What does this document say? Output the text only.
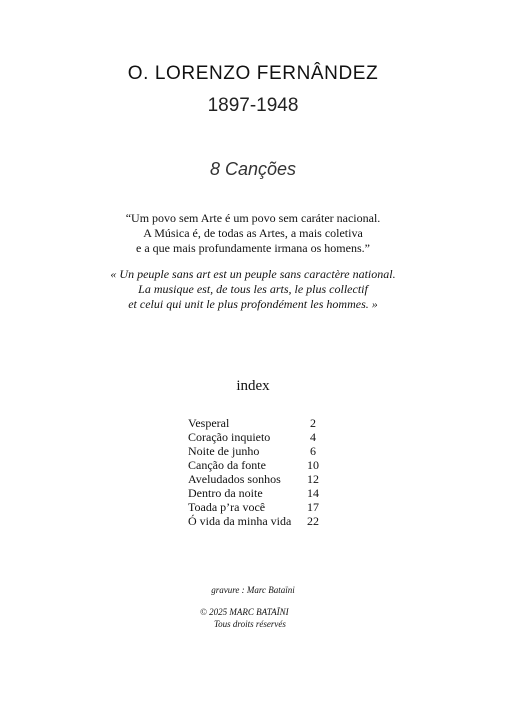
O. LORENZO FERNÂNDEZ
1897-1948
8 Canções
“Um povo sem Arte é um povo sem caráter nacional.
A Música é, de todas as Artes, a mais coletiva
e a que mais profundamente irmana os homens.”
« Un peuple sans art est un peuple sans caractère national.
La musique est, de tous les arts, le plus collectif
et celui qui unit le plus profondément les hommes. »
index
Vesperal	2
Coração inquieto	4
Noite de junho	6
Canção da fonte	10
Aveludados sonhos	12
Dentro da noite	14
Toada p’ra você	17
Ó vida da minha vida	22
gravure : Marc Bataïni
© 2025 MARC BATAÏNI
Tous droits réservés
